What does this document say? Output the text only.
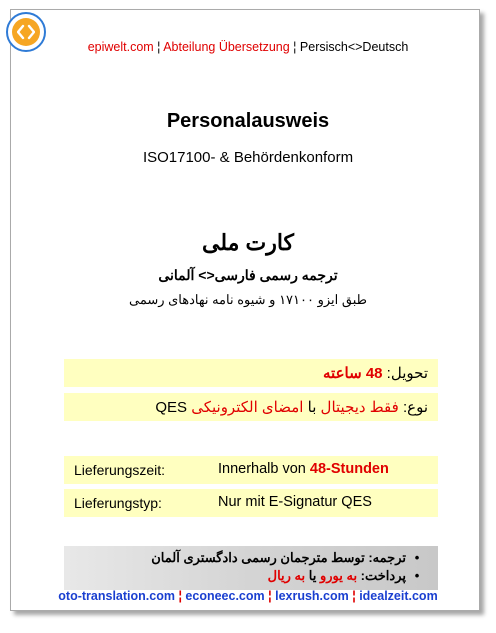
epiwelt.com ¦ Abteilung Übersetzung ¦ Persisch<>Deutsch
Personalausweis
ISO17100- & Behördenkonform
کارت ملی
ترجمه رسمی فارسی<> آلمانی
طبق ایزو ۱۷۱۰۰ و شیوه نامه نهادهای رسمی
تحویل: 48 ساعته
نوع: فقط دیجیتال با امضای الکترونیکی QES
Lieferungszeit:	Innerhalb von 48-Stunden
Lieferungstyp:	Nur mit E-Signatur QES
•ترجمه: توسط مترجمان رسمی دادگستری آلمان
•پرداخت: به یورو یا به ریال
oto-translation.com ¦ econeec.com ¦ lexrush.com ¦ idealzeit.com
